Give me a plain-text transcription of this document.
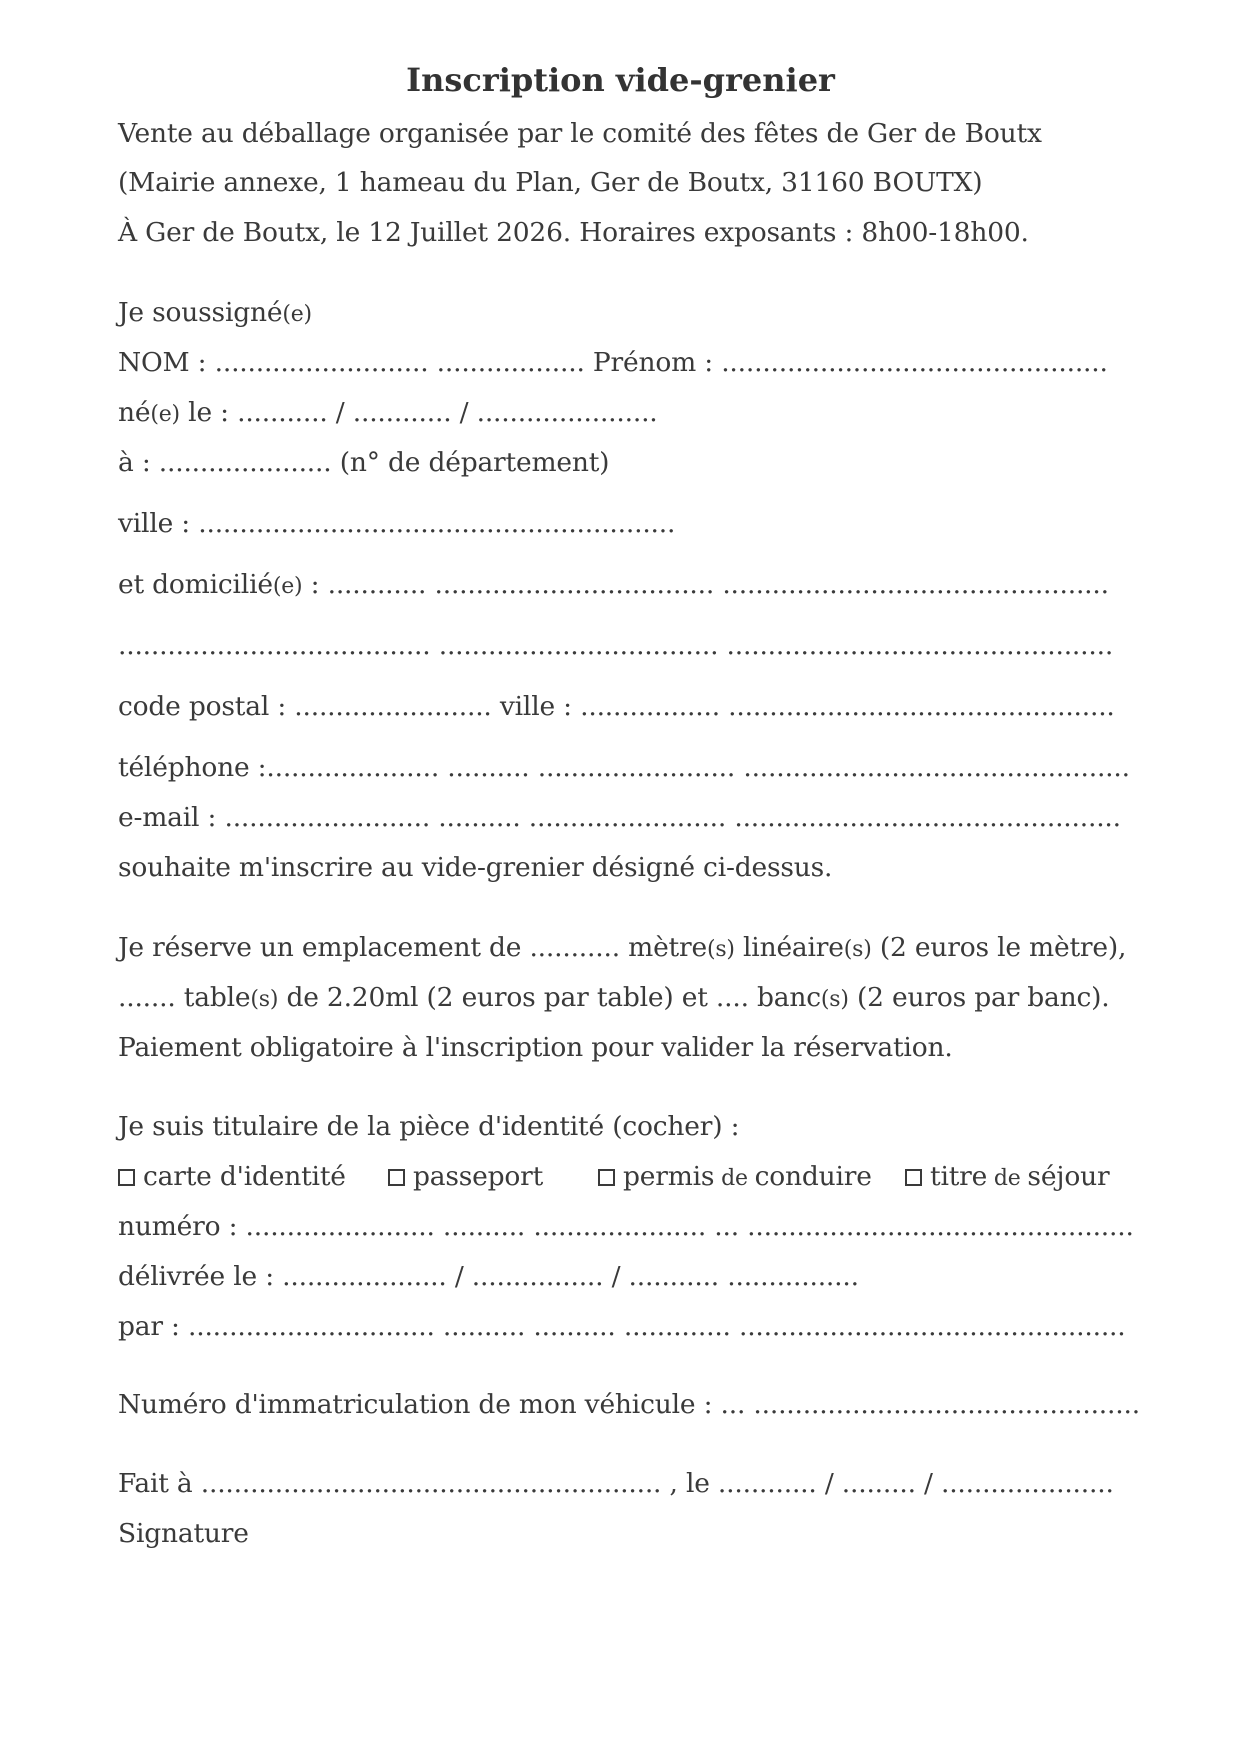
Inscription vide-grenier
Vente au déballage organisée par le comité des fêtes de Ger de Boutx
(Mairie annexe, 1 hameau du Plan, Ger de Boutx, 31160 BOUTX)
À Ger de Boutx, le 12 Juillet 2026. Horaires exposants : 8h00-18h00.
Je soussigné(e)
NOM : .......................... .................. Prénom : ...............................................
né(e) le : ........... / ............ / ......................
à : ..................... (n° de département)
ville : ..........................................................
et domicilié(e) : ............ .................................. ...............................................
...................................... .................................. ...............................................
code postal : ........................ ville : ................. ...............................................
téléphone :..................... .......... ........................ ...............................................
e-mail : ......................... .......... ........................ ...............................................
souhaite m'inscrire au vide-grenier désigné ci-dessus.
Je réserve un emplacement de ........... mètre(s) linéaire(s) (2 euros le mètre),
....... table(s) de 2.20ml (2 euros par table) et .... banc(s) (2 euros par banc).
Paiement obligatoire à l'inscription pour valider la réservation.
Je suis titulaire de la pièce d'identité (cocher) :
carte d'identité	passeport	permis de conduire	titre de séjour
numéro : ....................... .......... ..................... ... ...............................................
délivrée le : .................... / ................ / ........... ................
par : .............................. .......... .......... ............. ...............................................
Numéro d'immatriculation de mon véhicule : ... ...............................................
Fait à ........................................................ , le ............ / ......... / .....................
Signature
